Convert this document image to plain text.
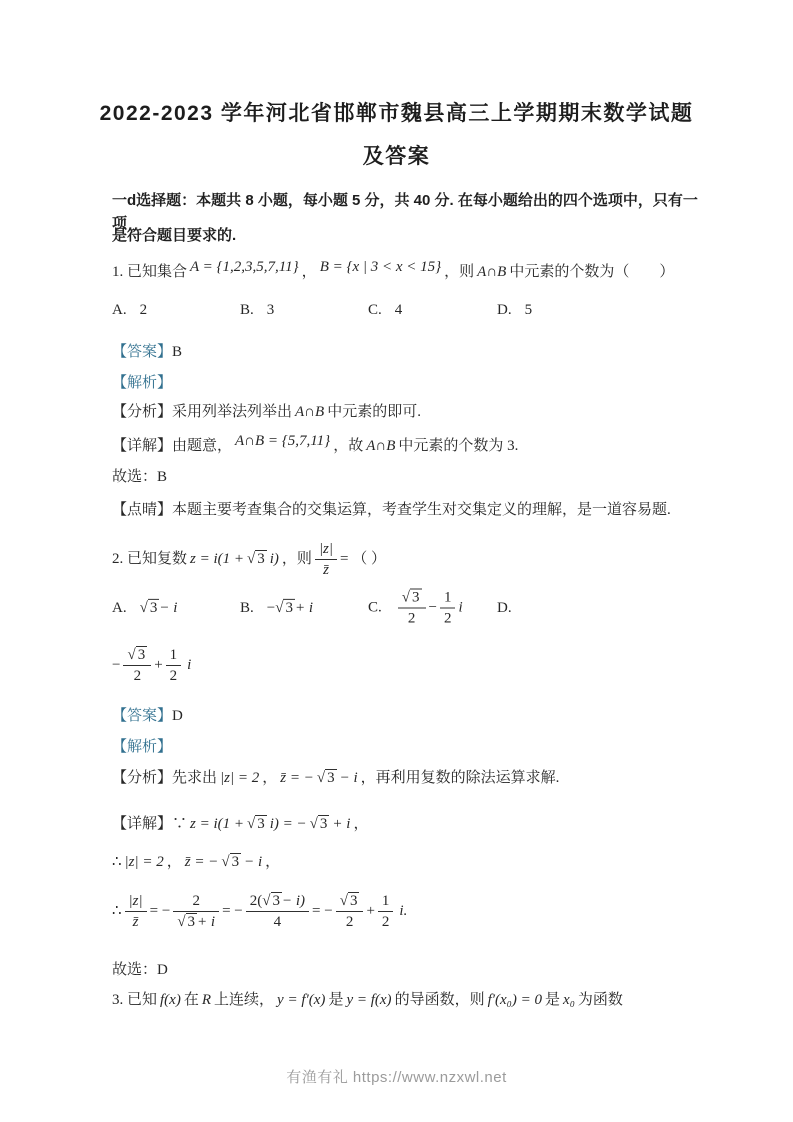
2022-2023 学年河北省邯郸市魏县高三上学期期末数学试题
及答案
一d选择题：本题共 8 小题，每小题 5 分，共 40 分. 在每小题给出的四个选项中，只有一项
是符合题目要求的.
1. 已知集合 A = {1,2,3,5,7,11} ， B = {x | 3 < x < 15} ，则 A∩B 中元素的个数为（　　）
A. 2	B. 3	C. 4	D. 5
【答案】B
【解析】
【分析】采用列举法列举出 A∩B 中元素的即可.
【详解】由题意， A∩B = {5,7,11} ，故 A∩B 中元素的个数为 3.
故选：B
【点晴】本题主要考查集合的交集运算，考查学生对交集定义的理解，是一道容易题.
2. 已知复数 z = i(1 + √ 3 i) ，则 $\frac{|z|}{z̄}$ = （ ）
A. √ 3 − i	B. −√ 3 + i	C. $\frac{√ 3}{2} - \frac{1}{2}$ i D.
− $\frac{√ 3}{2} + \frac{1}{2}$ i
【答案】D
【解析】
【分析】先求出 |z| = 2 ， z̄ = − √ 3 − i ，再利用复数的除法运算求解.
【详解】∵ z = i(1 + √ 3 i) = − √ 3 + i ，
∴ |z| = 2 ， z̄ = − √ 3 − i ，
∴ $\frac{|z|}{z̄}$ = − $\frac{2}{√ 3 + i}$ = − $\frac{2(√ 3 - i)}{4}$ = − $\frac{√ 3}{2} + \frac{1}{2} i$.
故选：D
3. 已知 f(x) 在 R 上连续， y = f′(x) 是 y = f(x) 的导函数，则 f′(x₀) = 0 是 x₀ 为函数
有渔有礼 https://www.nzxwl.net
